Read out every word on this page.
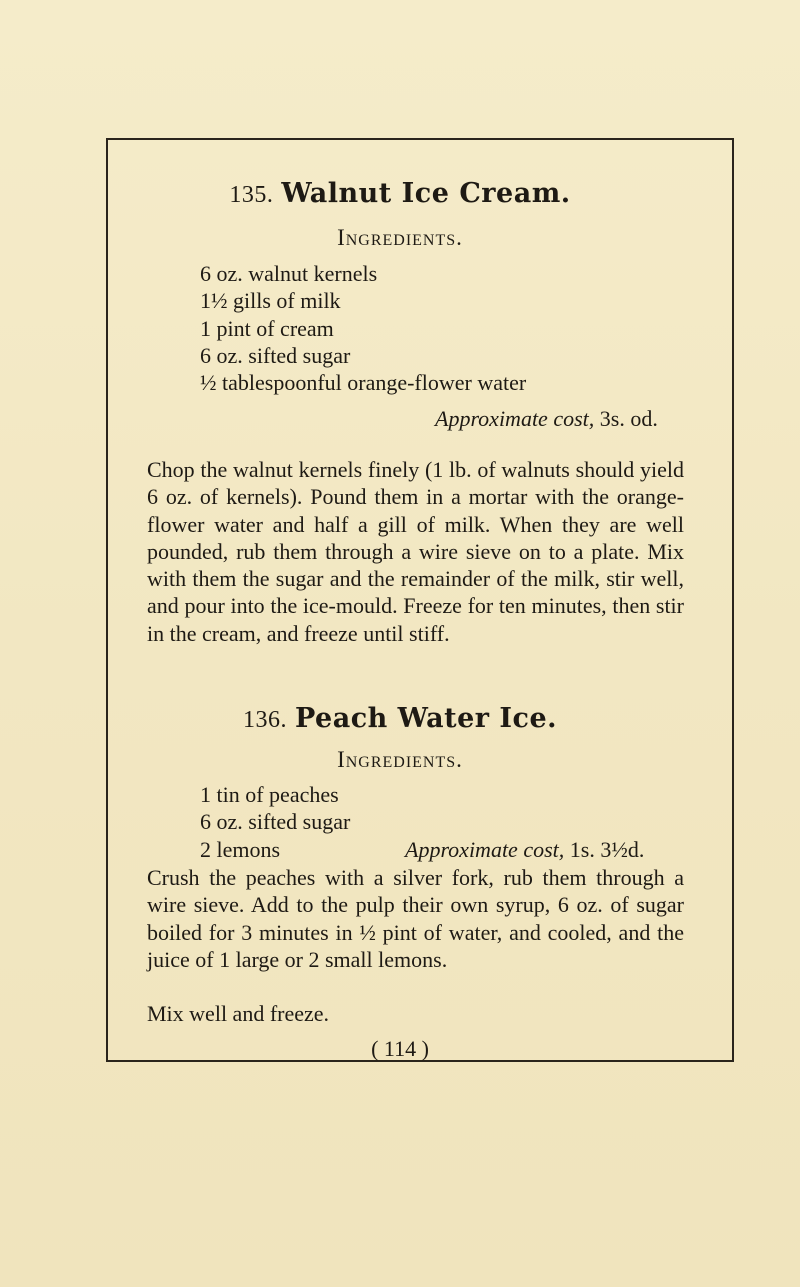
135. Walnut Ice Cream.
Ingredients.
6 oz. walnut kernels
1½ gills of milk
1 pint of cream
6 oz. sifted sugar
½ tablespoonful orange-flower water
Approximate cost, 3s. od.
Chop the walnut kernels finely (1 lb. of walnuts should yield 6 oz. of kernels). Pound them in a mortar with the orange-flower water and half a gill of milk. When they are well pounded, rub them through a wire sieve on to a plate. Mix with them the sugar and the remainder of the milk, stir well, and pour into the ice-mould. Freeze for ten minutes, then stir in the cream, and freeze until stiff.
136. Peach Water Ice.
Ingredients.
1 tin of peaches
6 oz. sifted sugar
2 lemons	Approximate cost, 1s. 3½d.
Crush the peaches with a silver fork, rub them through a wire sieve. Add to the pulp their own syrup, 6 oz. of sugar boiled for 3 minutes in ½ pint of water, and cooled, and the juice of 1 large or 2 small lemons.
Mix well and freeze.
( 114 )
